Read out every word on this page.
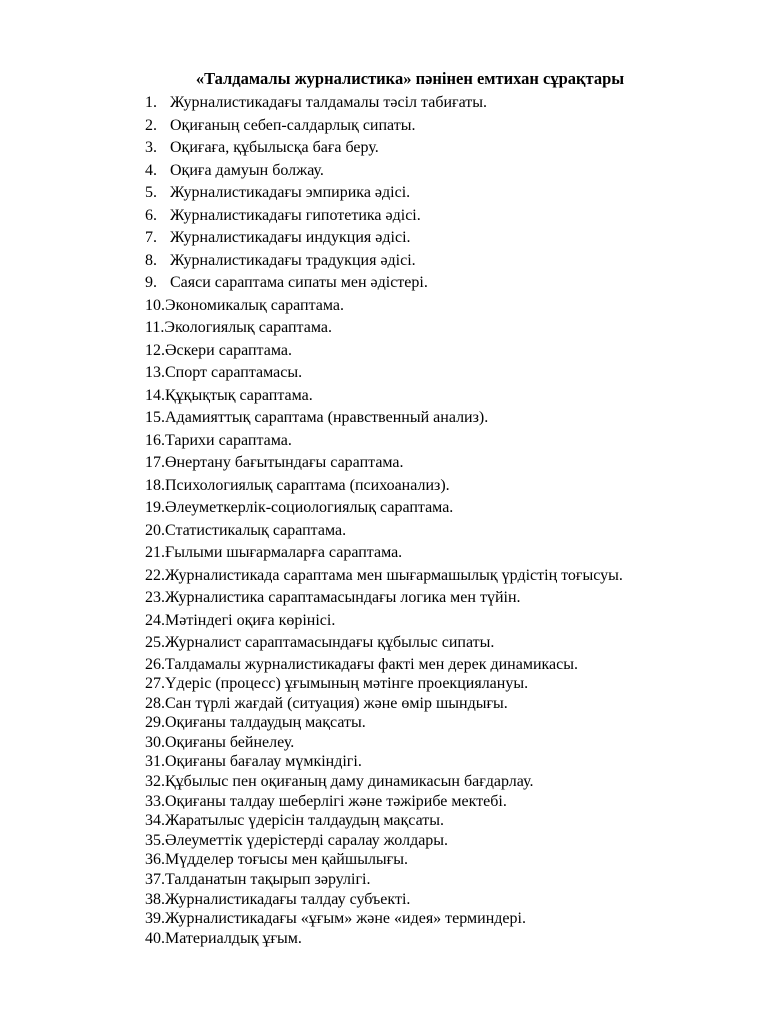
«Талдамалы журналистика» пәнінен емтихан сұрақтары
1. Журналистикадағы талдамалы тәсіл табиғаты.
2. Оқиғаның себеп-салдарлық сипаты.
3. Оқиғаға, құбылысқа баға беру.
4. Оқиға дамуын болжау.
5. Журналистикадағы эмпирика әдісі.
6. Журналистикадағы гипотетика әдісі.
7. Журналистикадағы индукция әдісі.
8. Журналистикадағы традукция әдісі.
9. Саяси сараптама сипаты мен әдістері.
10. Экономикалық сараптама.
11. Экологиялық сараптама.
12. Әскери сараптама.
13. Спорт сараптамасы.
14. Құқықтық сараптама.
15. Адамияттық сараптама (нравственный анализ).
16. Тарихи сараптама.
17. Өнертану бағытындағы сараптама.
18. Психологиялық сараптама (психоанализ).
19. Әлеуметкерлік-социологиялық сараптама.
20. Статистикалық сараптама.
21. Ғылыми шығармаларға сараптама.
22. Журналистикада сараптама мен шығармашылық үрдістің тоғысуы.
23. Журналистика сараптамасындағы логика мен түйін.
24. Мәтіндегі оқиға көрінісі.
25. Журналист сараптамасындағы құбылыс сипаты.
26. Талдамалы журналистикадағы факті мен дерек динамикасы.
27. Үдеріс (процесс) ұғымының мәтінге проекциялануы.
28. Сан түрлі жағдай (ситуация) және өмір шындығы.
29. Оқиғаны талдаудың мақсаты.
30. Оқиғаны бейнелеу.
31. Оқиғаны бағалау мүмкіндігі.
32. Құбылыс пен оқиғаның даму динамикасын бағдарлау.
33. Оқиғаны талдау шеберлігі және тәжірибе мектебі.
34. Жаратылыс үдерісін талдаудың мақсаты.
35. Әлеуметтік үдерістерді саралау жолдары.
36. Мүдделер тоғысы мен қайшылығы.
37. Талданатын тақырып зәрулігі.
38. Журналистикадағы талдау субъекті.
39. Журналистикадағы «ұғым» және «идея» терминдері.
40. Материалдық ұғым.
